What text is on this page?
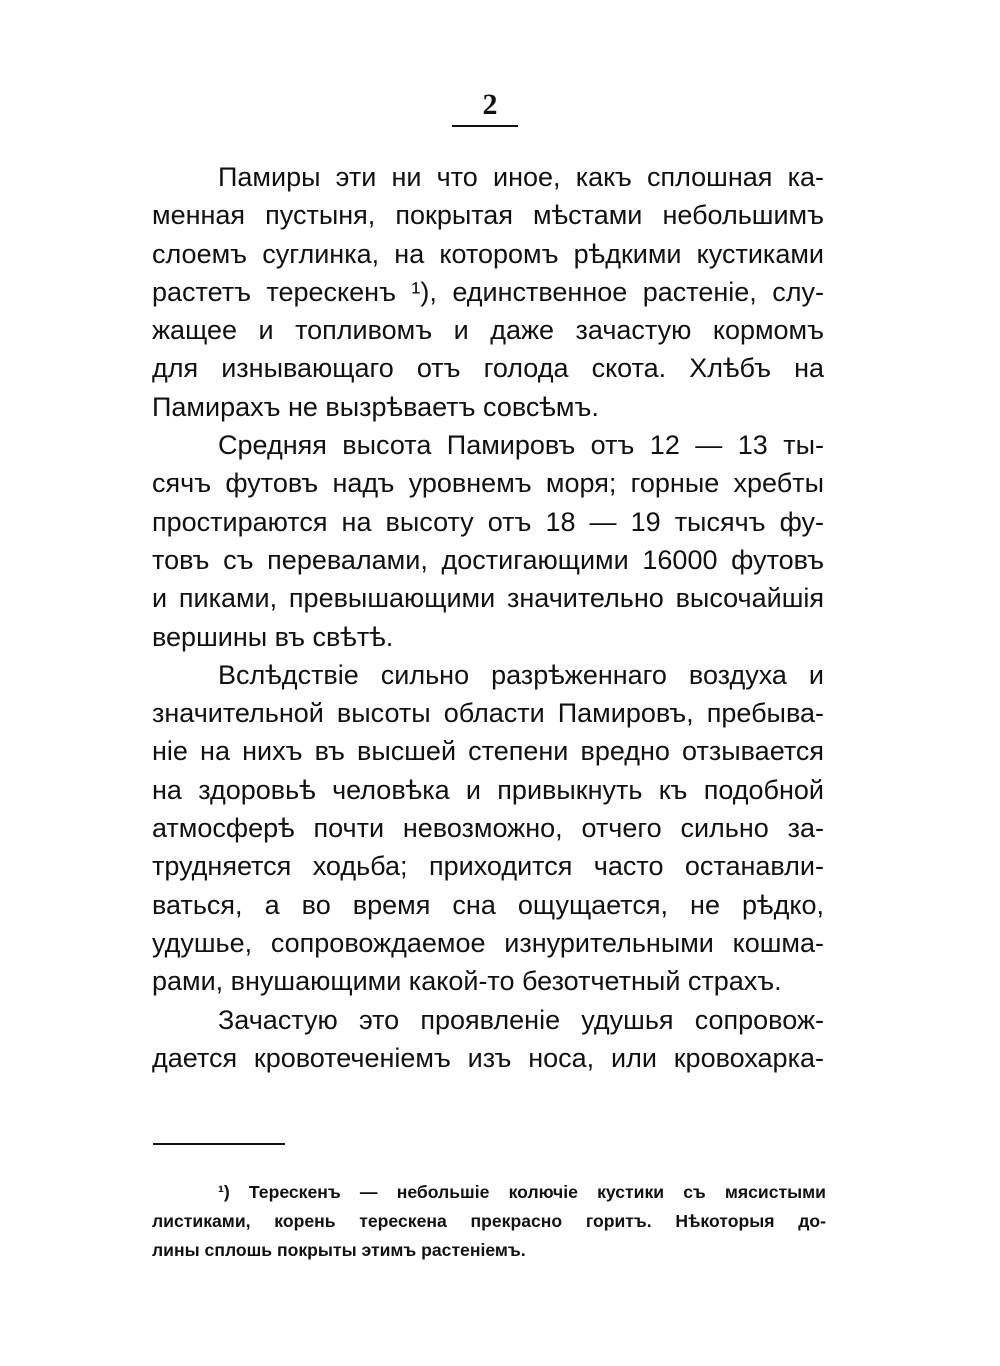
2
Памиры эти ни что иное, какъ сплошная ка-
менная пустыня, покрытая мѣстами небольшимъ
слоемъ суглинка, на которомъ рѣдкими кустиками
растетъ терескенъ ¹), единственное растенiе, слу-
жащее и топливомъ и даже зачастую кормомъ
для изнывающаго отъ голода скота. Хлѣбъ на
Памирахъ не вызрѣваетъ совсѣмъ.
Средняя высота Памировъ отъ 12 — 13 ты-
сячъ футовъ надъ уровнемъ моря; горные хребты
простираются на высоту отъ 18 — 19 тысячъ фу-
товъ съ перевалами, достигающими 16000 футовъ
и пиками, превышающими значительно высочайшiя
вершины въ свѣтѣ.
Вслѣдствiе сильно разрѣженнаго воздуха и
значительной высоты области Памировъ, пребыва-
нiе на нихъ въ высшей степени вредно отзывается
на здоровьѣ человѣка и привыкнуть къ подобной
атмосферѣ почти невозможно, отчего сильно за-
трудняется ходьба; приходится часто останавли-
ваться, а во время сна ощущается, не рѣдко,
удушье, сопровождаемое изнурительными кошма-
рами, внушающими какой-то безотчетный страхъ.
Зачастую это проявленiе удушья сопровож-
дается кровотеченiемъ изъ носа, или кровохарка-
¹) Терескенъ — небольшiе колючiе кустики съ мясистыми
листиками, корень терескена прекрасно горитъ. Нѣкоторыя до-
лины сплошь покрыты этимъ растенiемъ.
